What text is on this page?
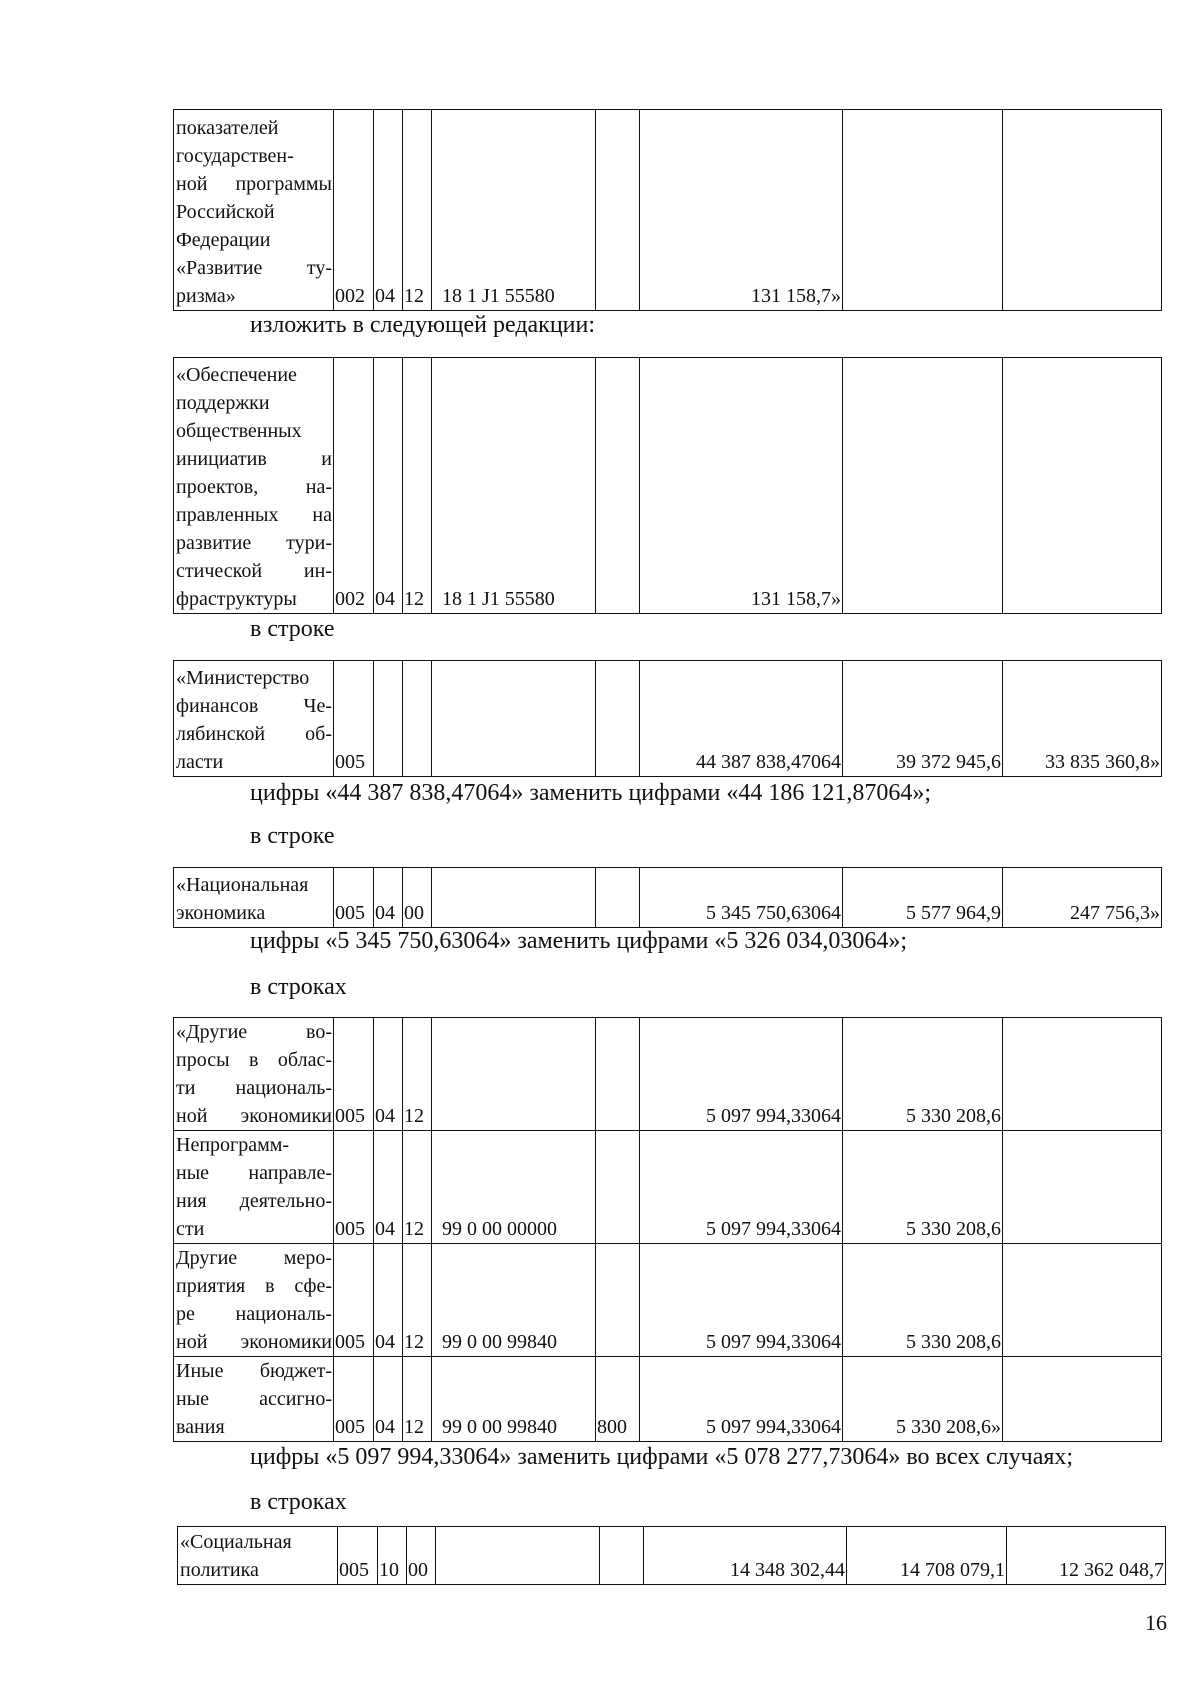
показателей
государствен-
ной программы
Российской
Федерации
«Развитие ту-
ризма»	002	04	12	18 1 J1 55580		131 158,7»		
изложить в следующей редакции:
«Обеспечение
поддержки
общественных
инициатив и
проектов, на-
правленных на
развитие тури-
стической ин-
фраструктуры	002	04	12	18 1 J1 55580		131 158,7»		
в строке
«Министерство
финансов Че-
лябинской об-
ласти	005					44 387 838,47064	39 372 945,6	33 835 360,8»
цифры «44 387 838,47064» заменить цифрами «44 186 121,87064»;
в строке
«Национальная
экономика	005	04	00			5 345 750,63064	5 577 964,9	247 756,3»
цифры «5 345 750,63064» заменить цифрами «5 326 034,03064»;
в строках
«Другие во-
просы в облас-
ти националь-
ной экономики	005	04	12			5 097 994,33064	5 330 208,6	

Непрограмм-
ные направле-
ния деятельно-
сти	005	04	12	99 0 00 00000		5 097 994,33064	5 330 208,6	

Другие меро-
приятия в сфе-
ре националь-
ной экономики	005	04	12	99 0 00 99840		5 097 994,33064	5 330 208,6	

Иные бюджет-
ные ассигно-
вания	005	04	12	99 0 00 99840	800	5 097 994,33064	5 330 208,6»	
цифры «5 097 994,33064» заменить цифрами «5 078 277,73064» во всех случаях;
в строках
«Социальная
политика	005	10	00			14 348 302,44	14 708 079,1	12 362 048,7
16
